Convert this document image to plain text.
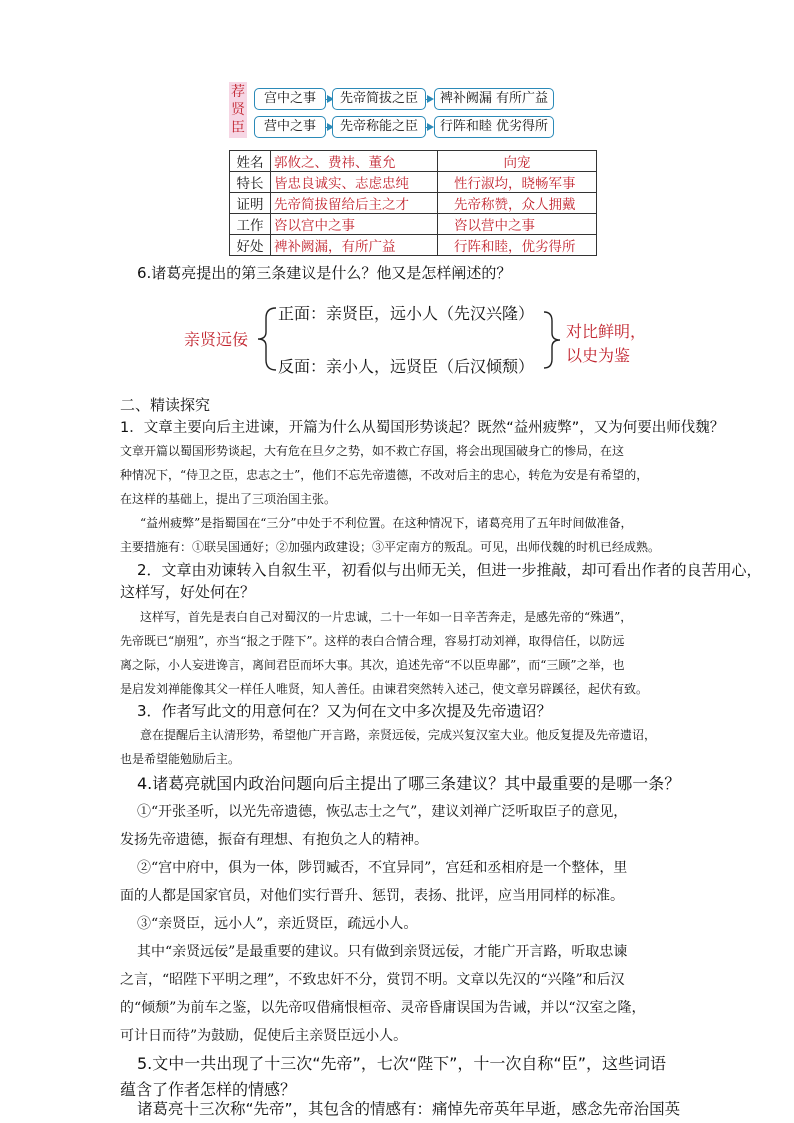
荐
贤
臣
宫中之事	先帝简拔之臣	裨补阙漏 有所广益
营中之事	先帝称能之臣	行阵和睦 优劣得所
姓名	郭攸之、费祎、董允	向宠
特长	皆忠良诚实、志虑忠纯	性行淑均，晓畅军事
证明	先帝简拔留给后主之才	先帝称赞，众人拥戴
工作	咨以宫中之事	咨以营中之事
好处	裨补阙漏，有所广益	行阵和睦，优劣得所
6.诸葛亮提出的第三条建议是什么？他又是怎样阐述的？
亲贤远佞
正面：亲贤臣，远小人（先汉兴隆）
反面：亲小人，远贤臣（后汉倾颓）
对比鲜明，
以史为鉴
二、精读探究
1．文章主要向后主进谏，开篇为什么从蜀国形势谈起？既然“益州疲弊”，又为何要出师伐魏？
文章开篇以蜀国形势谈起，大有危在旦夕之势，如不救亡存国，将会出现国破身亡的惨局，在这
种情况下，“侍卫之臣，忠志之士”，他们不忘先帝遗德，不改对后主的忠心，转危为安是有希望的，
在这样的基础上，提出了三项治国主张。
“益州疲弊”是指蜀国在“三分”中处于不利位置。在这种情况下，诸葛亮用了五年时间做准备，
主要措施有：①联吴国通好；②加强内政建设；③平定南方的叛乱。可见，出师伐魏的时机已经成熟。
2．文章由劝谏转入自叙生平，初看似与出师无关，但进一步推敲，却可看出作者的良苦用心，
这样写，好处何在？
这样写，首先是表白自己对蜀汉的一片忠诚，二十一年如一日辛苦奔走，是感先帝的“殊遇”，
先帝既已“崩殂”，亦当“报之于陛下”。这样的表白合情合理，容易打动刘禅，取得信任，以防远
离之际，小人妄进谗言，离间君臣而坏大事。其次，追述先帝“不以臣卑鄙”，而“三顾”之举，也
是启发刘禅能像其父一样任人唯贤，知人善任。由谏君突然转入述己，使文章另辟蹊径，起伏有致。
3．作者写此文的用意何在？又为何在文中多次提及先帝遗诏？
意在提醒后主认清形势，希望他广开言路，亲贤远佞，完成兴复汉室大业。他反复提及先帝遗诏，
也是希望能勉励后主。
4.诸葛亮就国内政治问题向后主提出了哪三条建议？其中最重要的是哪一条？
①“开张圣听，以光先帝遗德，恢弘志士之气”，建议刘禅广泛听取臣子的意见，
发扬先帝遗德，振奋有理想、有抱负之人的精神。
②“宫中府中，俱为一体，陟罚臧否，不宜异同”，宫廷和丞相府是一个整体，里
面的人都是国家官员，对他们实行晋升、惩罚，表扬、批评，应当用同样的标准。
③“亲贤臣，远小人”，亲近贤臣，疏远小人。
其中“亲贤远佞”是最重要的建议。只有做到亲贤远佞，才能广开言路，听取忠谏
之言，“昭陛下平明之理”，不致忠奸不分，赏罚不明。文章以先汉的“兴隆”和后汉
的“倾颓”为前车之鉴，以先帝叹借痛恨桓帝、灵帝昏庸误国为告诫，并以“汉室之隆，
可计日而待”为鼓励，促使后主亲贤臣远小人。
5.文中一共出现了十三次“先帝”，七次“陛下”，十一次自称“臣”，这些词语
蕴含了作者怎样的情感？
诸葛亮十三次称“先帝”，其包含的情感有：痛悼先帝英年早逝，感念先帝治国英
